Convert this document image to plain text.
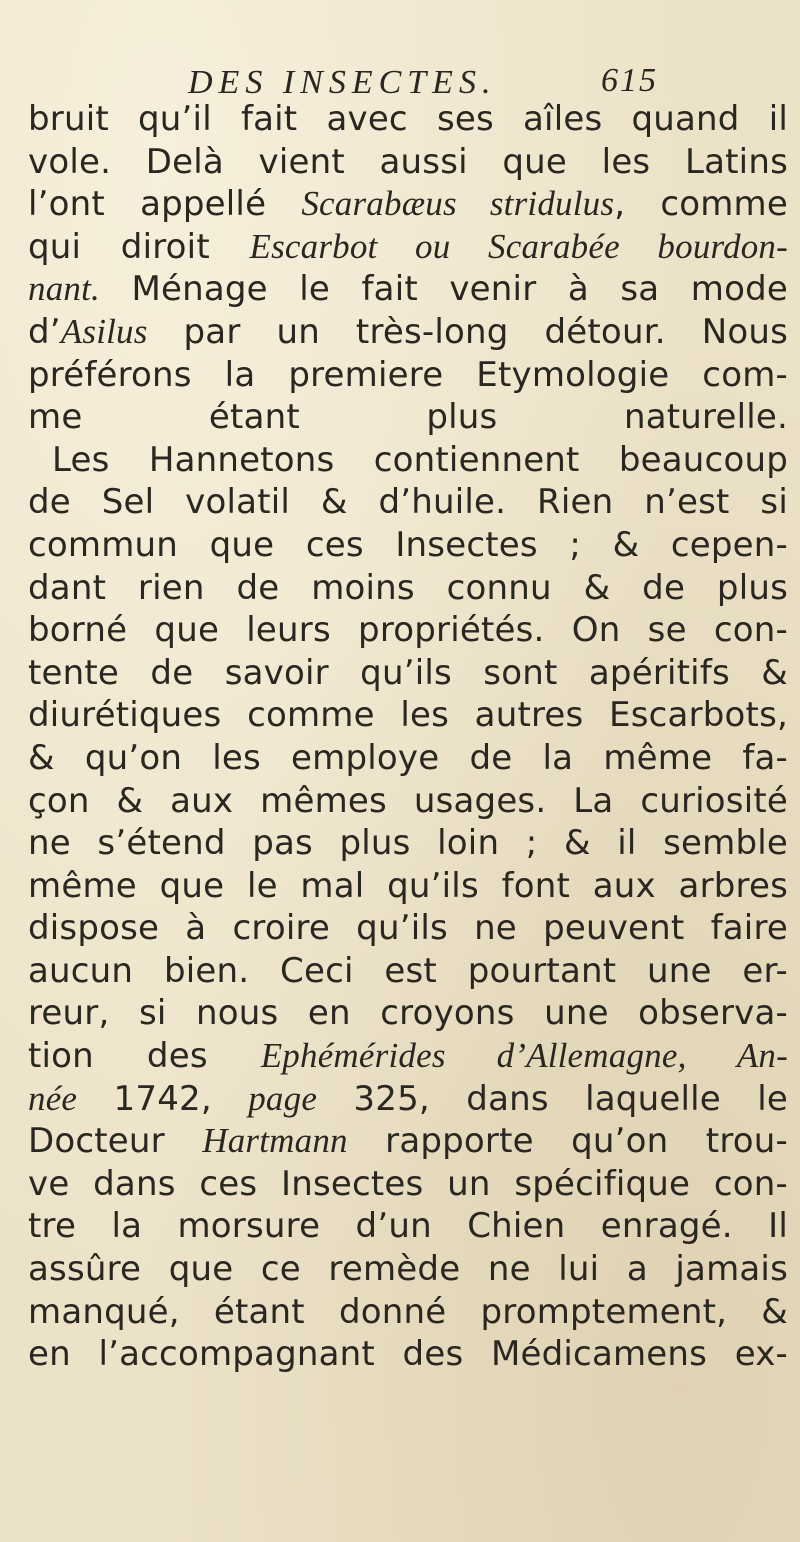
DES INSECTES.	615
bruit qu’il fait avec ses aîles quand il
vole. Delà vient aussi que les Latins
l’ont appellé Scarabæus stridulus, comme
qui diroit Escarbot ou Scarabée bourdon-
nant. Ménage le fait venir à sa mode
d’Asilus par un très-long détour. Nous
préférons la premiere Etymologie com-
me étant plus naturelle.
Les Hannetons contiennent beaucoup
de Sel volatil & d’huile. Rien n’est si
commun que ces Insectes ; & cepen-
dant rien de moins connu & de plus
borné que leurs propriétés. On se con-
tente de savoir qu’ils sont apéritifs &
diurétiques comme les autres Escarbots,
& qu’on les employe de la même fa-
çon & aux mêmes usages. La curiosité
ne s’étend pas plus loin ; & il semble
même que le mal qu’ils font aux arbres
dispose à croire qu’ils ne peuvent faire
aucun bien. Ceci est pourtant une er-
reur, si nous en croyons une observa-
tion des Ephémérides d’Allemagne, An-
née 1742, page 325, dans laquelle le
Docteur Hartmann rapporte qu’on trou-
ve dans ces Insectes un spécifique con-
tre la morsure d’un Chien enragé. Il
assûre que ce remède ne lui a jamais
manqué, étant donné promptement, &
en l’accompagnant des Médicamens ex-
